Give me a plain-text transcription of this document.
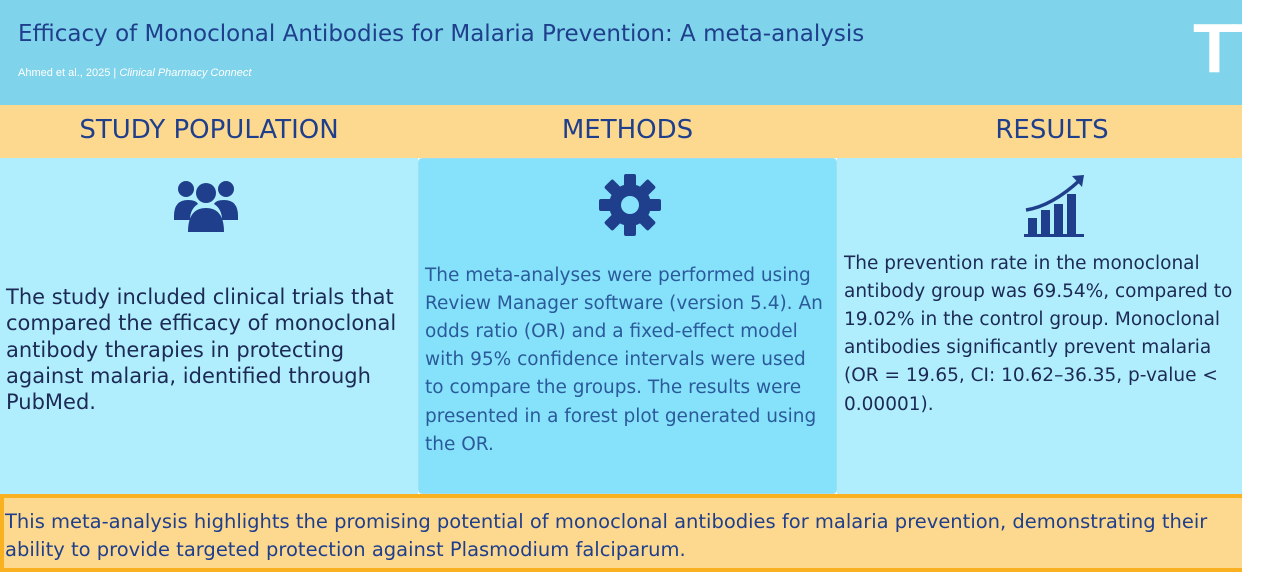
Efficacy of Monoclonal Antibodies for Malaria Prevention: A meta-analysis
Ahmed et al., 2025 | Clinical Pharmacy Connect	TT
STUDY POPULATION	METHODS	RESULTS
The study included clinical trials that compared the efficacy of monoclonal antibody therapies in protecting against malaria, identified through PubMed.
The meta-analyses were performed using Review Manager software (version 5.4). An odds ratio (OR) and a fixed-effect model with 95% confidence intervals were used to compare the groups. The results were presented in a forest plot generated using the OR.
The prevention rate in the monoclonal antibody group was 69.54%, compared to 19.02% in the control group. Monoclonal antibodies significantly prevent malaria (OR = 19.65, CI: 10.62–36.35, p-value < 0.00001).
This meta-analysis highlights the promising potential of monoclonal antibodies for malaria prevention, demonstrating their ability to provide targeted protection against Plasmodium falciparum.
